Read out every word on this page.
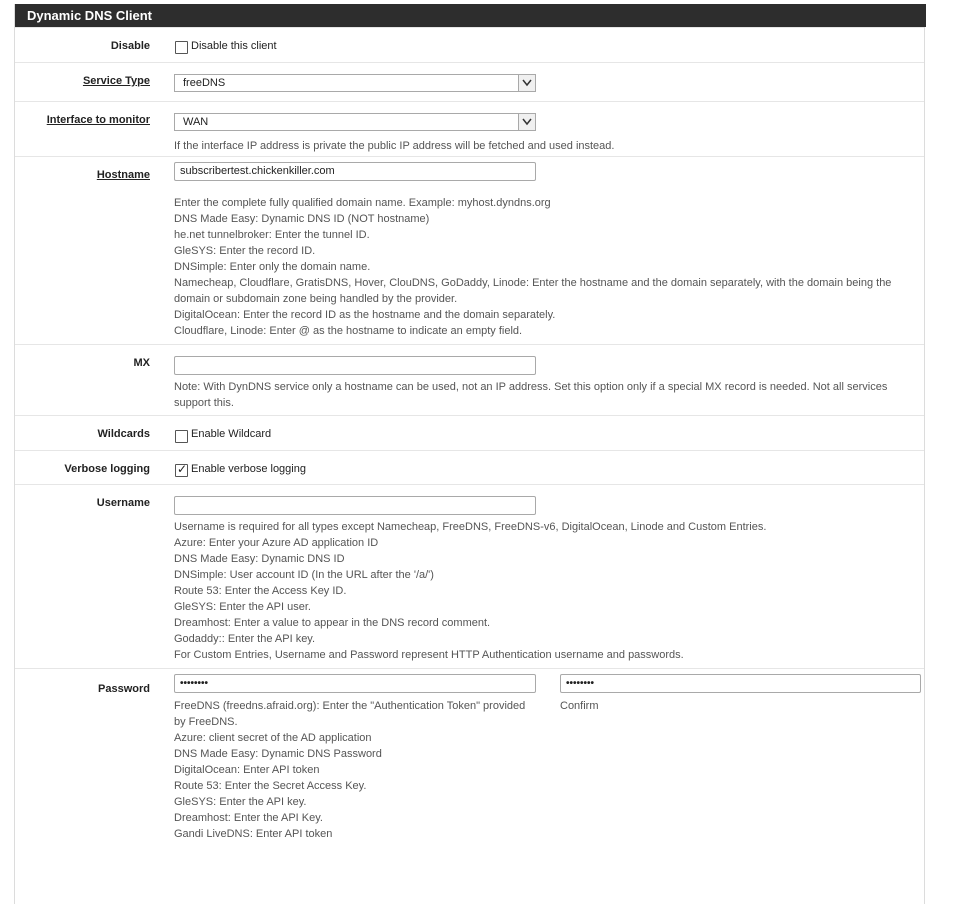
Dynamic DNS Client
Disable	Disable this client
Service Type	freeDNS
Interface to monitor	WAN
If the interface IP address is private the public IP address will be fetched and used instead.
Hostname	subscribertest.chickenkiller.com
Enter the complete fully qualified domain name. Example: myhost.dyndns.org
DNS Made Easy: Dynamic DNS ID (NOT hostname)
he.net tunnelbroker: Enter the tunnel ID.
GleSYS: Enter the record ID.
DNSimple: Enter only the domain name.
Namecheap, Cloudflare, GratisDNS, Hover, ClouDNS, GoDaddy, Linode: Enter the hostname and the domain separately, with the domain being the domain or subdomain zone being handled by the provider.
DigitalOcean: Enter the record ID as the hostname and the domain separately.
Cloudflare, Linode: Enter @ as the hostname to indicate an empty field.
MX
Note: With DynDNS service only a hostname can be used, not an IP address. Set this option only if a special MX record is needed. Not all services support this.
Wildcards	Enable Wildcard
Verbose logging ✓ Enable verbose logging
Username
Username is required for all types except Namecheap, FreeDNS, FreeDNS-v6, DigitalOcean, Linode and Custom Entries.
Azure: Enter your Azure AD application ID
DNS Made Easy: Dynamic DNS ID
DNSimple: User account ID (In the URL after the '/a/')
Route 53: Enter the Access Key ID.
GleSYS: Enter the API user.
Dreamhost: Enter a value to appear in the DNS record comment.
Godaddy:: Enter the API key.
For Custom Entries, Username and Password represent HTTP Authentication username and passwords.
Password	••••••••	••••••••
Confirm
FreeDNS (freedns.afraid.org): Enter the "Authentication Token" provided by FreeDNS.
Azure: client secret of the AD application
DNS Made Easy: Dynamic DNS Password
DigitalOcean: Enter API token
Route 53: Enter the Secret Access Key.
GleSYS: Enter the API key.
Dreamhost: Enter the API Key.
Gandi LiveDNS: Enter API token
